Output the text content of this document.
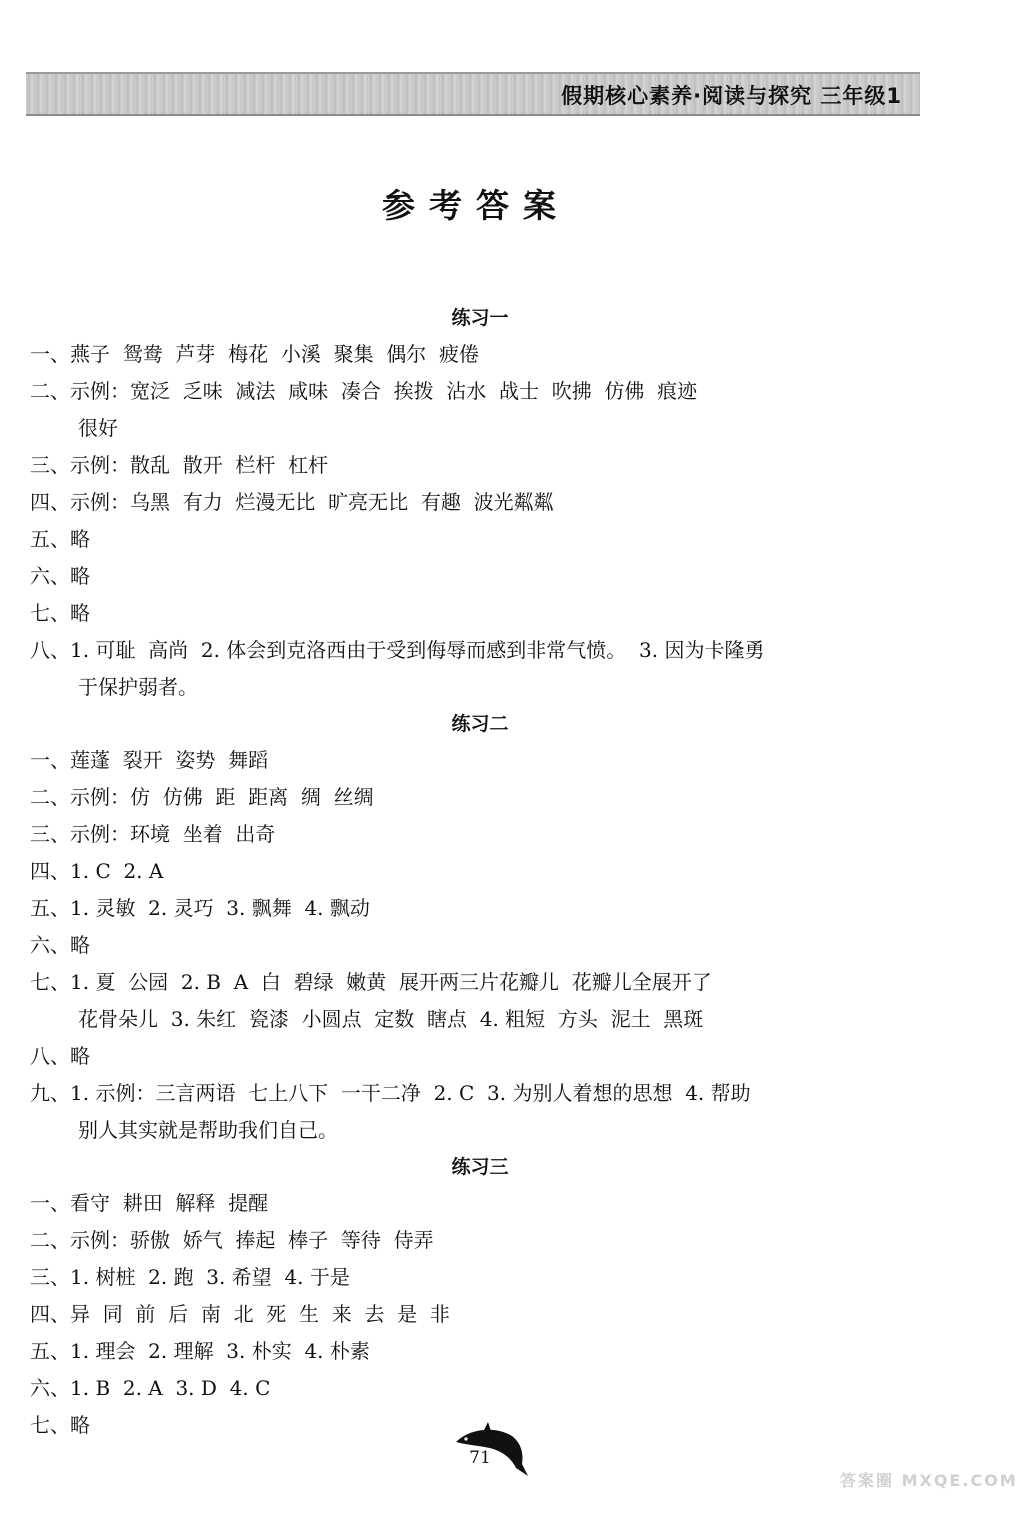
假期核心素养·阅读与探究 三年级1
参考答案
练习一
一、燕子  鸳鸯  芦芽  梅花  小溪  聚集  偶尔  疲倦
二、示例：宽泛  乏味  减法  咸味  凑合  挨拨  沾水  战士  吹拂  仿佛  痕迹
很好
三、示例：散乱  散开  栏杆  杠杆
四、示例：乌黑  有力  烂漫无比  旷亮无比  有趣  波光粼粼
五、略
六、略
七、略
八、1. 可耻  高尚  2. 体会到克洛西由于受到侮辱而感到非常气愤。  3. 因为卡隆勇
于保护弱者。
练习二
一、莲蓬  裂开  姿势  舞蹈
二、示例：仿  仿佛  距  距离  绸  丝绸
三、示例：环境  坐着  出奇
四、1. C  2. A
五、1. 灵敏  2. 灵巧  3. 飘舞  4. 飘动
六、略
七、1. 夏  公园  2. B  A  白  碧绿  嫩黄  展开两三片花瓣儿  花瓣儿全展开了
花骨朵儿  3. 朱红  瓷漆  小圆点  定数  瞎点  4. 粗短  方头  泥土  黑斑
八、略
九、1. 示例：三言两语  七上八下  一干二净  2. C  3. 为别人着想的思想  4. 帮助
别人其实就是帮助我们自己。
练习三
一、看守  耕田  解释  提醒
二、示例：骄傲  娇气  捧起  棒子  等待  侍弄
三、1. 树桩  2. 跑  3. 希望  4. 于是
四、异  同  前  后  南  北  死  生  来  去  是  非
五、1. 理会  2. 理解  3. 朴实  4. 朴素
六、1. B  2. A  3. D  4. C
七、略
71
答案圈 MXQE.COM
